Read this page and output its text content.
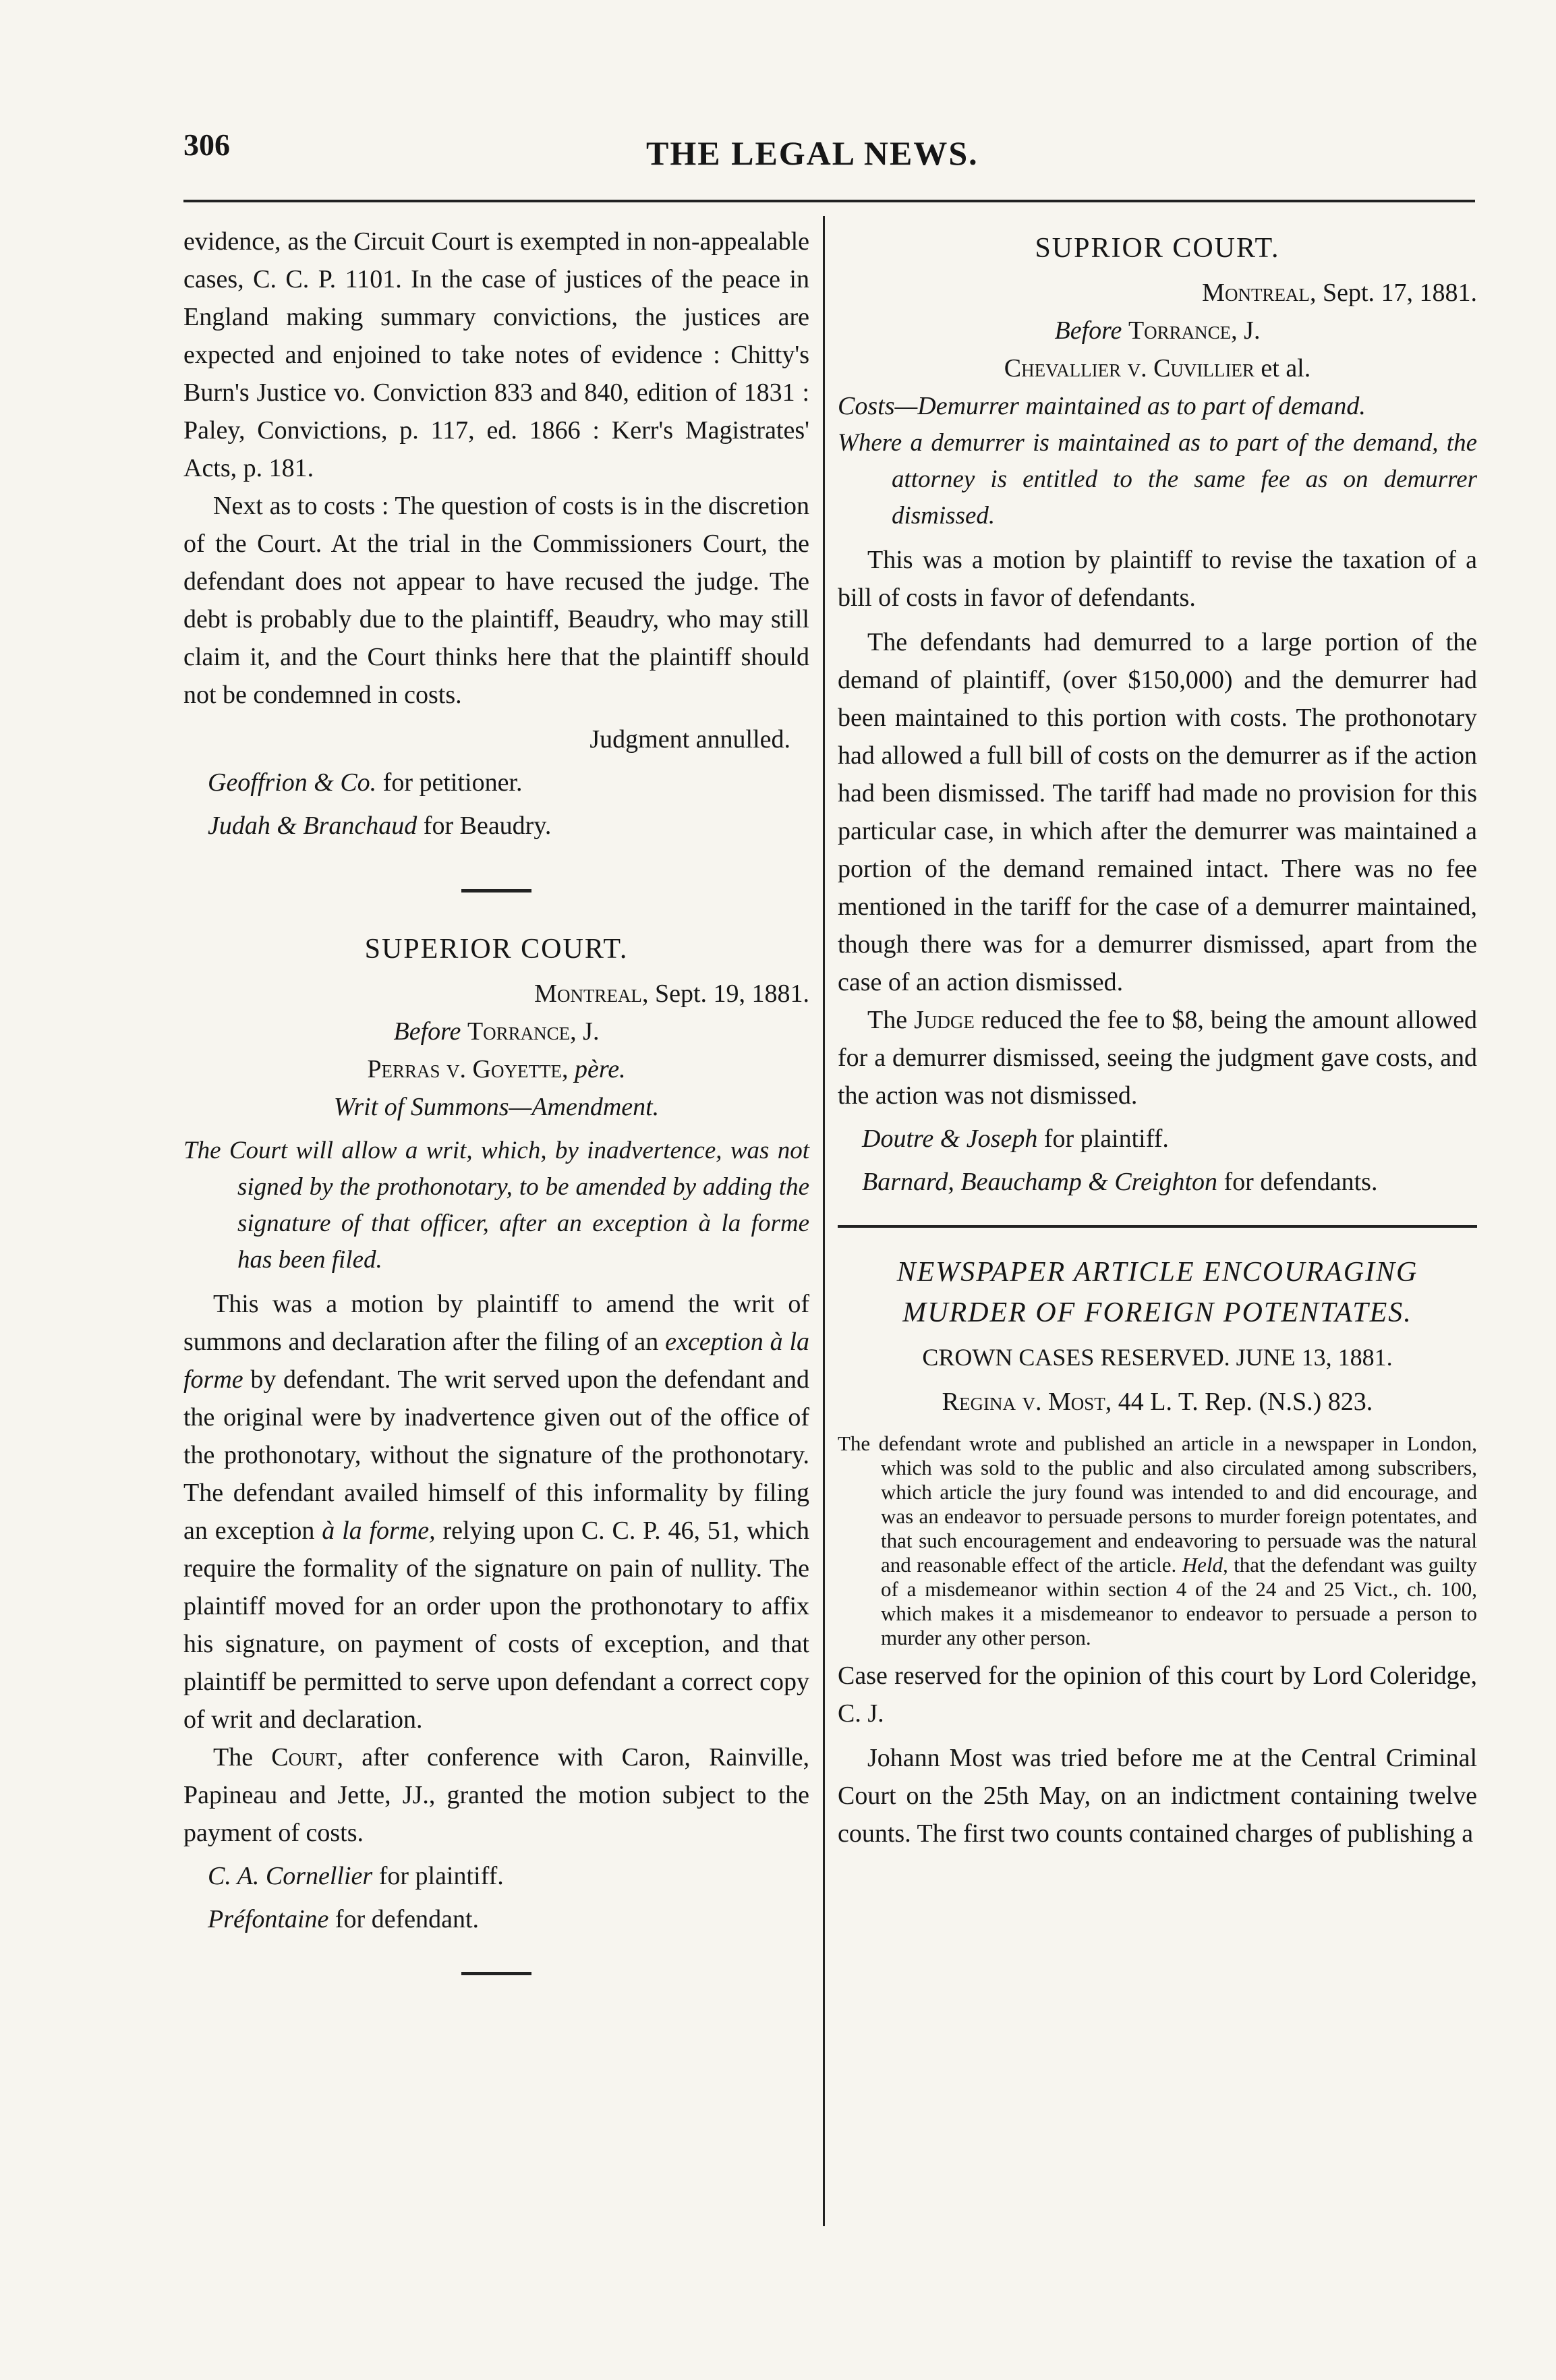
306	THE LEGAL NEWS.

evidence, as the Circuit Court is exempted in non-appealable cases, C. C. P. 1101. In the case of justices of the peace in England making summary convictions, the justices are expected and enjoined to take notes of evidence : Chitty's Burn's Justice vo. Conviction 833 and 840, edition of 1831 : Paley, Convictions, p. 117, ed. 1866 : Kerr's Magistrates' Acts, p. 181.

Next as to costs : The question of costs is in the discretion of the Court. At the trial in the Commissioners Court, the defendant does not appear to have recused the judge. The debt is probably due to the plaintiff, Beaudry, who may still claim it, and the Court thinks here that the plaintiff should not be condemned in costs.

Judgment annulled.

Geoffrion & Co. for petitioner.

Judah & Branchaud for Beaudry.

SUPERIOR COURT.

Montreal, Sept. 19, 1881.

Before Torrance, J.

Perras v. Goyette, père.

Writ of Summons—Amendment.

The Court will allow a writ, which, by inadvertence, was not signed by the prothonotary, to be amended by adding the signature of that officer, after an exception à la forme has been filed.

This was a motion by plaintiff to amend the writ of summons and declaration after the filing of an exception à la forme by defendant. The writ served upon the defendant and the original were by inadvertence given out of the office of the prothonotary, without the signature of the prothonotary. The defendant availed himself of this informality by filing an exception à la forme, relying upon C. C. P. 46, 51, which require the formality of the signature on pain of nullity. The plaintiff moved for an order upon the prothonotary to affix his signature, on payment of costs of exception, and that plaintiff be permitted to serve upon defendant a correct copy of writ and declaration.

The Court, after conference with Caron, Rainville, Papineau and Jette, JJ., granted the motion subject to the payment of costs.

C. A. Cornellier for plaintiff.

Préfontaine for defendant.

SUPRIOR COURT.

Montreal, Sept. 17, 1881.

Before Torrance, J.

Chevallier v. Cuvillier et al.

Costs—Demurrer maintained as to part of demand.

Where a demurrer is maintained as to part of the demand, the attorney is entitled to the same fee as on demurrer dismissed.

This was a motion by plaintiff to revise the taxation of a bill of costs in favor of defendants.

The defendants had demurred to a large portion of the demand of plaintiff, (over $150,000) and the demurrer had been maintained to this portion with costs. The prothonotary had allowed a full bill of costs on the demurrer as if the action had been dismissed. The tariff had made no provision for this particular case, in which after the demurrer was maintained a portion of the demand remained intact. There was no fee mentioned in the tariff for the case of a demurrer maintained, though there was for a demurrer dismissed, apart from the case of an action dismissed.

The Judge reduced the fee to $8, being the amount allowed for a demurrer dismissed, seeing the judgment gave costs, and the action was not dismissed.

Doutre & Joseph for plaintiff.

Barnard, Beauchamp & Creighton for defendants.

NEWSPAPER ARTICLE ENCOURAGING MURDER OF FOREIGN POTENTATES.

CROWN CASES RESERVED. JUNE 13, 1881.

Regina v. Most, 44 L. T. Rep. (N.S.) 823.

The defendant wrote and published an article in a newspaper in London, which was sold to the public and also circulated among subscribers, which article the jury found was intended to and did encourage, and was an endeavor to persuade persons to murder foreign potentates, and that such encouragement and endeavoring to persuade was the natural and reasonable effect of the article. Held, that the defendant was guilty of a misdemeanor within section 4 of the 24 and 25 Vict., ch. 100, which makes it a misdemeanor to endeavor to persuade a person to murder any other person.

Case reserved for the opinion of this court by Lord Coleridge, C. J.

Johann Most was tried before me at the Central Criminal Court on the 25th May, on an indictment containing twelve counts. The first two counts contained charges of publishing a
